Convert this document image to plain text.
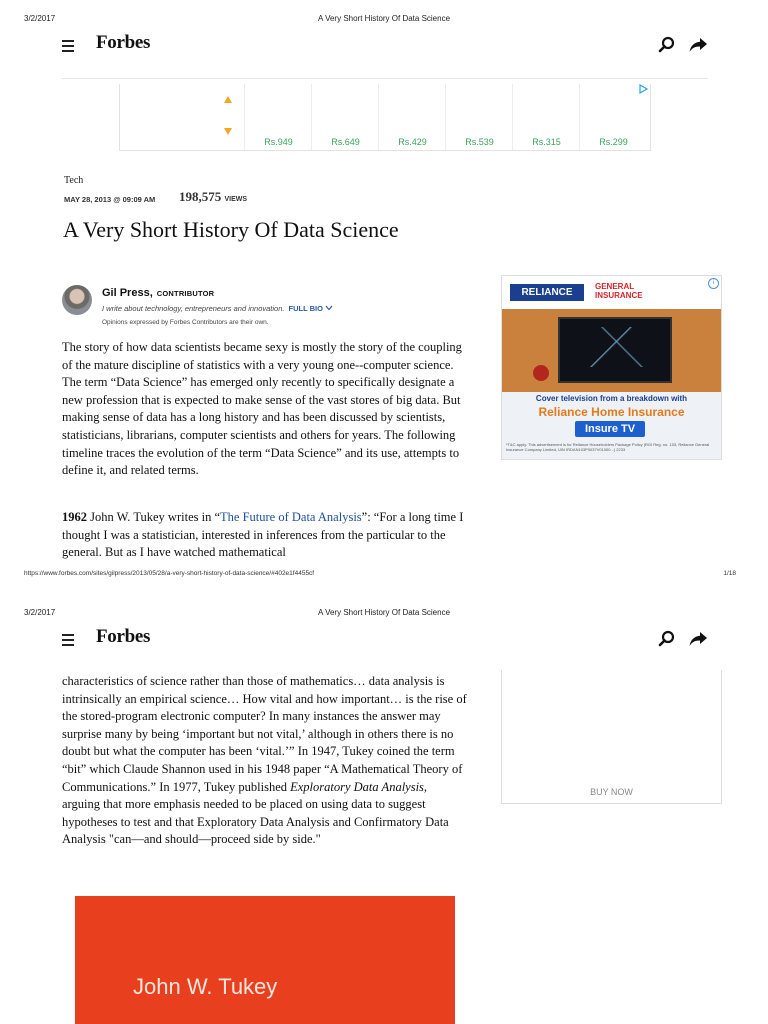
3/2/2017	A Very Short History Of Data Science
Forbes
Rs.949	Rs.649	Rs.429	Rs.539	Rs.315	Rs.299
Tech
MAY 28, 2013 @ 09:09 AM 198,575 VIEWS
A Very Short History Of Data Science
Gil Press, CONTRIBUTOR
I write about technology, entrepreneurs and innovation. FULL BIO
Opinions expressed by Forbes Contributors are their own.

The story of how data scientists became sexy is mostly the story of the coupling of the mature discipline of statistics with a very young one--computer science. The term “Data Science” has emerged only recently to specifically designate a new profession that is expected to make sense of the vast stores of big data. But making sense of data has a long history and has been discussed by scientists, statisticians, librarians, computer scientists and others for years. The following timeline traces the evolution of the term “Data Science” and its use, attempts to define it, and related terms.

1962 John W. Tukey writes in “The Future of Data Analysis”: “For a long time I thought I was a statistician, interested in inferences from the particular to the general. But as I have watched mathematical

RELIANCE
GENERAL INSURANCE
i
Cover television from a breakdown with
Reliance Home Insurance
Insure TV
*T&C apply. This advertisement is for Reliance Householders Package Policy (RGI Reg. no. 103, Reliance General Insurance Company Limited, UIN IRDAN103P0037V01000...) 2233
https://www.forbes.com/sites/gilpress/2013/05/28/a-very-short-history-of-data-science/#402e1f4455cf	1/18
3/2/2017	A Very Short History Of Data Science
Forbes

characteristics of science rather than those of mathematics… data analysis is intrinsically an empirical science… How vital and how important… is the rise of the stored-program electronic computer? In many instances the answer may surprise many by being ‘important but not vital,’ although in others there is no doubt but what the computer has been ‘vital.’” In 1947, Tukey coined the term “bit” which Claude Shannon used in his 1948 paper “A Mathematical Theory of Communications.” In 1977, Tukey published Exploratory Data Analysis, arguing that more emphasis needed to be placed on using data to suggest hypotheses to test and that Exploratory Data Analysis and Confirmatory Data Analysis "can—and should—proceed side by side."

BUY NOW
John W. Tukey
